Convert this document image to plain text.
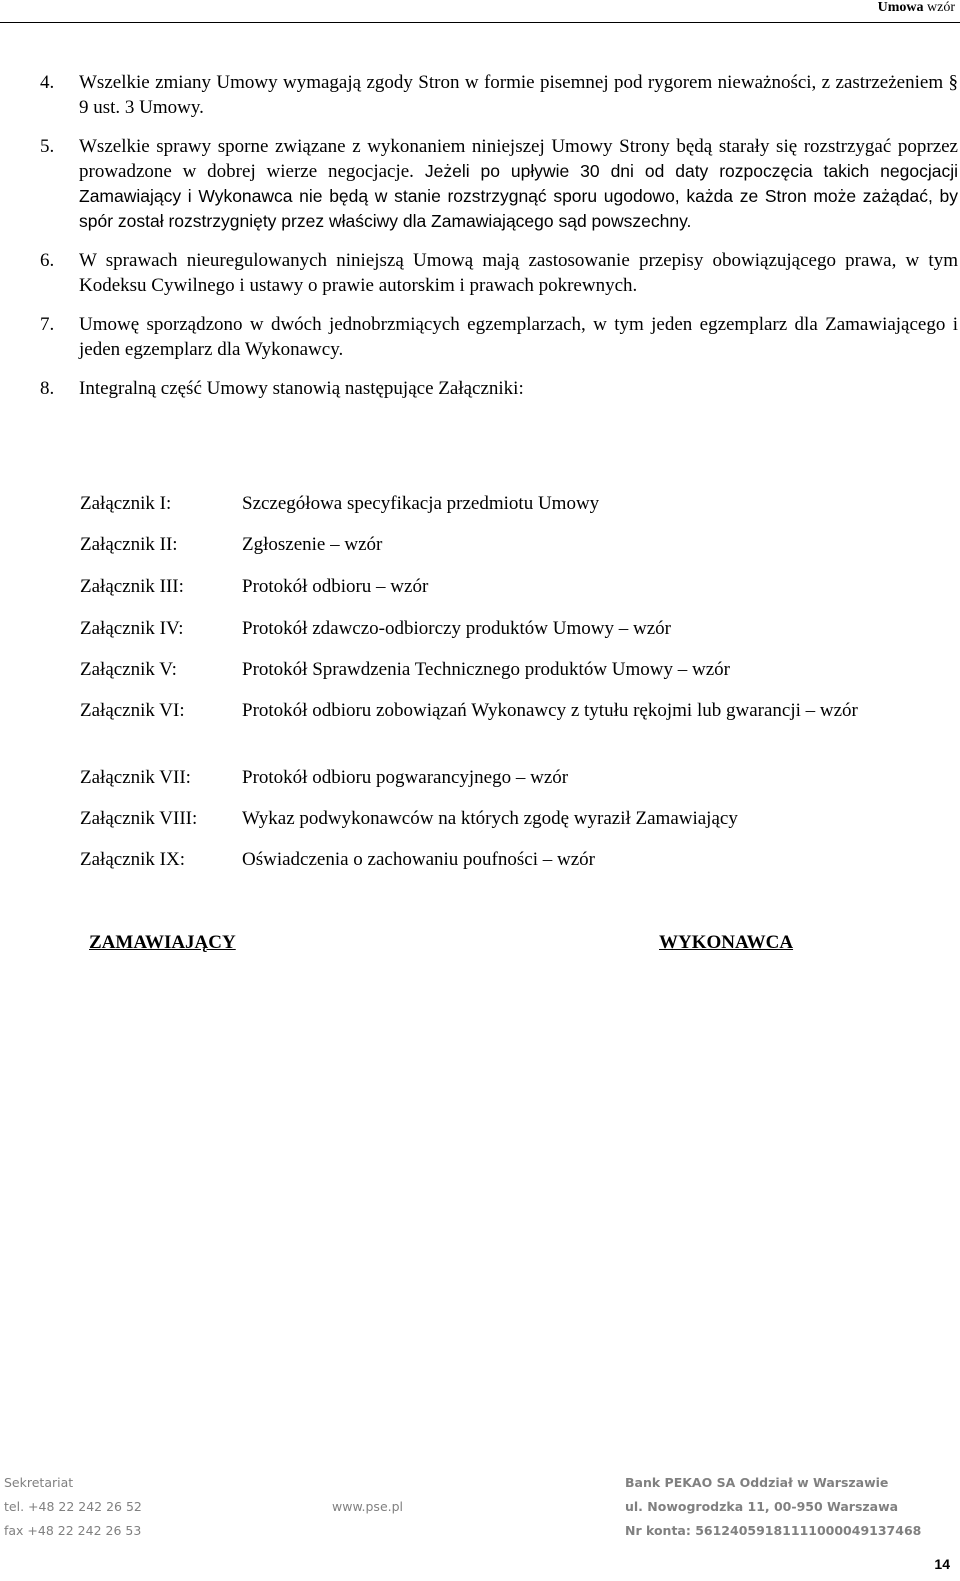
Umowa wzór
4. Wszelkie zmiany Umowy wymagają zgody Stron w formie pisemnej pod rygorem nieważności, z zastrzeżeniem § 9 ust. 3 Umowy.
5. Wszelkie sprawy sporne związane z wykonaniem niniejszej Umowy Strony będą starały się rozstrzygać poprzez prowadzone w dobrej wierze negocjacje. Jeżeli po upływie 30 dni od daty rozpoczęcia takich negocjacji Zamawiający i Wykonawca nie będą w stanie rozstrzygnąć sporu ugodowo, każda ze Stron może zażądać, by spór został rozstrzygnięty przez właściwy dla Zamawiającego sąd powszechny.
6. W sprawach nieuregulowanych niniejszą Umową mają zastosowanie przepisy obowiązującego prawa, w tym Kodeksu Cywilnego i ustawy o prawie autorskim i prawach pokrewnych.
7. Umowę sporządzono w dwóch jednobrzmiących egzemplarzach, w tym jeden egzemplarz dla Zamawiającego i jeden egzemplarz dla Wykonawcy.
8. Integralną część Umowy stanowią następujące Załączniki:
Załącznik I:	Szczegółowa specyfikacja przedmiotu Umowy
Załącznik II:	Zgłoszenie – wzór
Załącznik III:	Protokół odbioru – wzór
Załącznik IV:	Protokół zdawczo-odbiorczy produktów Umowy – wzór
Załącznik V:	Protokół Sprawdzenia Technicznego produktów Umowy – wzór
Załącznik VI:	Protokół odbioru zobowiązań Wykonawcy z tytułu rękojmi lub gwarancji – wzór
Załącznik VII:	Protokół odbioru pogwarancyjnego – wzór
Załącznik VIII: Wykaz podwykonawców na których zgodę wyraził Zamawiający
Załącznik IX:	Oświadczenia o zachowaniu poufności – wzór
ZAMAWIAJĄCY	WYKONAWCA
Sekretariat
tel. +48 22 242 26 52
fax +48 22 242 26 53
www.pse.pl
Bank PEKAO SA Oddział w Warszawie
ul. Nowogrodzka 11, 00-950 Warszawa
Nr konta: 56124059181111000049137468
14
